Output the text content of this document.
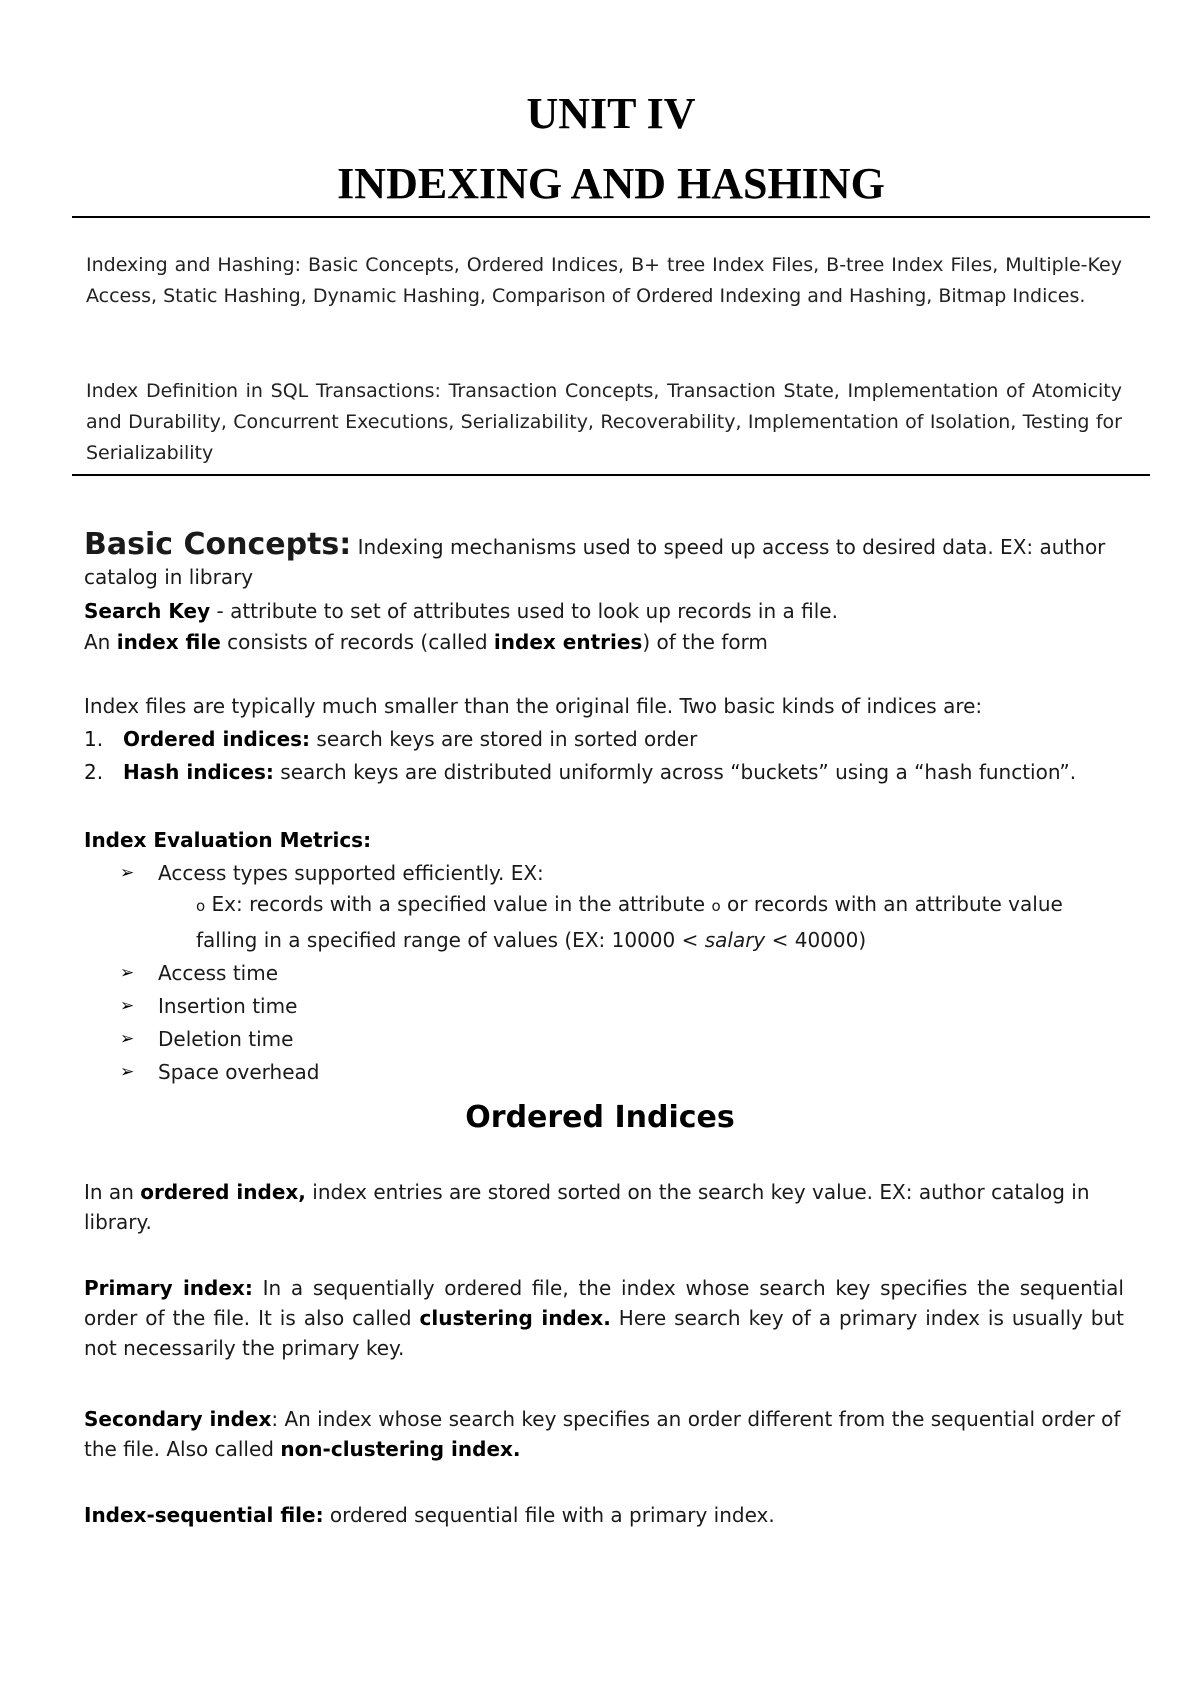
UNIT IV
INDEXING AND HASHING
Indexing and Hashing: Basic Concepts, Ordered Indices, B+ tree Index Files, B-tree Index Files, Multiple-Key Access, Static Hashing, Dynamic Hashing, Comparison of Ordered Indexing and Hashing, Bitmap Indices.
Index Definition in SQL Transactions: Transaction Concepts, Transaction State, Implementation of Atomicity and Durability, Concurrent Executions, Serializability, Recoverability, Implementation of Isolation, Testing for Serializability
Basic Concepts: Indexing mechanisms used to speed up access to desired data. EX: author catalog in library
Search Key - attribute to set of attributes used to look up records in a file.
An index file consists of records (called index entries) of the form
Index files are typically much smaller than the original file. Two basic kinds of indices are:
1. Ordered indices: search keys are stored in sorted order
2. Hash indices: search keys are distributed uniformly across “buckets” using a “hash function”.
Index Evaluation Metrics:
➢ Access types supported efficiently. EX:
o Ex: records with a specified value in the attribute o or records with an attribute value
falling in a specified range of values (EX: 10000 < salary < 40000)
➢ Access time
➢ Insertion time
➢ Deletion time
➢ Space overhead
Ordered Indices
In an ordered index, index entries are stored sorted on the search key value. EX: author catalog in library.
Primary index: In a sequentially ordered file, the index whose search key specifies the sequential order of the file. It is also called clustering index. Here search key of a primary index is usually but not necessarily the primary key.
Secondary index: An index whose search key specifies an order different from the sequential order of the file. Also called non-clustering index.
Index-sequential file: ordered sequential file with a primary index.
